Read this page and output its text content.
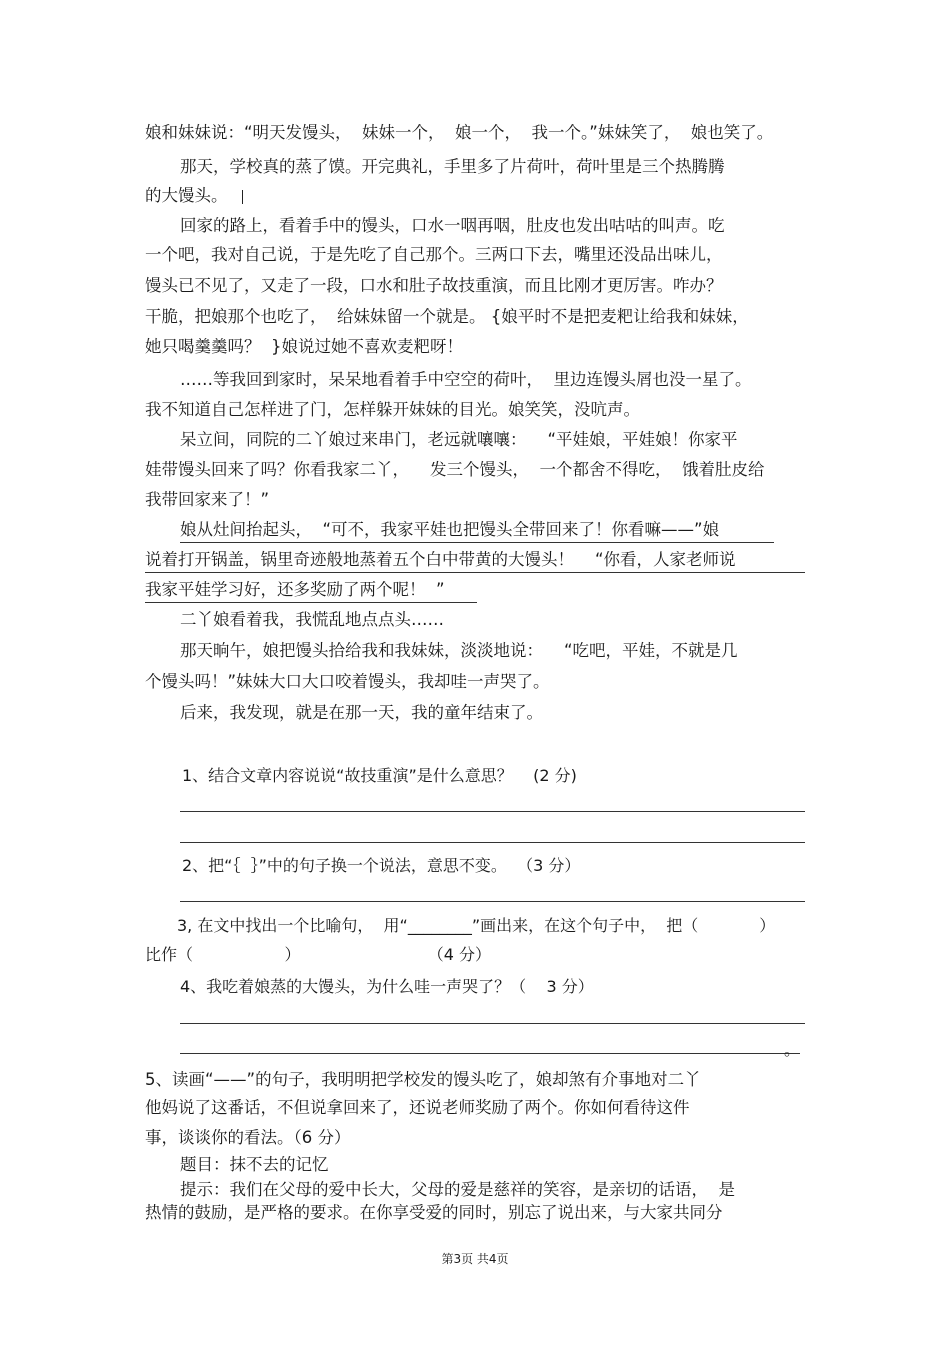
娘和妹妹说：“明天发馒头，  妹妹一个，  娘一个，  我一个。”妹妹笑了，  娘也笑了。
那天，学校真的蒸了馍。开完典礼，手里多了片荷叶，荷叶里是三个热腾腾
的大馒头。
回家的路上，看着手中的馒头，口水一咽再咽，肚皮也发出咕咕的叫声。吃
一个吧，我对自己说，于是先吃了自己那个。三两口下去，嘴里还没品出味儿，
馒头已不见了，又走了一段，口水和肚子故技重演，而且比刚才更厉害。咋办？
干脆，把娘那个也吃了，  给妹妹留一个就是。 {娘平时不是把麦粑让给我和妹妹，
她只喝羹羹吗？  }娘说过她不喜欢麦粑呀！
……等我回到家时，呆呆地看着手中空空的荷叶，  里边连馒头屑也没一星了。
我不知道自己怎样进了门，怎样躲开妹妹的目光。娘笑笑，没吭声。
呆立间，同院的二丫娘过来串门，老远就嚷嚷：    “平娃娘，平娃娘！你家平
娃带馒头回来了吗？你看我家二丫，    发三个馒头，  一个都舍不得吃，  饿着肚皮给
我带回家来了！”
娘从灶间抬起头，  “可不，我家平娃也把馒头全带回来了！你看嘛——”娘
说着打开锅盖，锅里奇迹般地蒸着五个白中带黄的大馒头！    “你看，人家老师说
我家平娃学习好，还多奖励了两个呢！  ”
二丫娘看着我，我慌乱地点点头……
那天晌午，娘把馒头拾给我和我妹妹，淡淡地说：    “吃吧，平娃，不就是几
个馒头吗！”妹妹大口大口咬着馒头，我却哇一声哭了。
后来，我发现，就是在那一天，我的童年结束了。
1、结合文章内容说说“故技重演”是什么意思？    (2 分)
2、把“｛  ｝”中的句子换一个说法，意思不变。  （3 分）
3, 在文中找出一个比喻句，  用“________”画出来，在这个句子中，  把（            ）
比作（                  ）                         （4 分）
4、我吃着娘蒸的大馒头，为什么哇一声哭了？（    3 分）
。
5、读画“——”的句子，我明明把学校发的馒头吃了，娘却煞有介事地对二丫
他妈说了这番话，不但说拿回来了，还说老师奖励了两个。你如何看待这件
事，谈谈你的看法。（6 分）
题目：抹不去的记忆
提示：我们在父母的爱中长大，父母的爱是慈祥的笑容，是亲切的话语，  是
热情的鼓励，是严格的要求。在你享受爱的同时，别忘了说出来，与大家共同分
第3页 共4页
